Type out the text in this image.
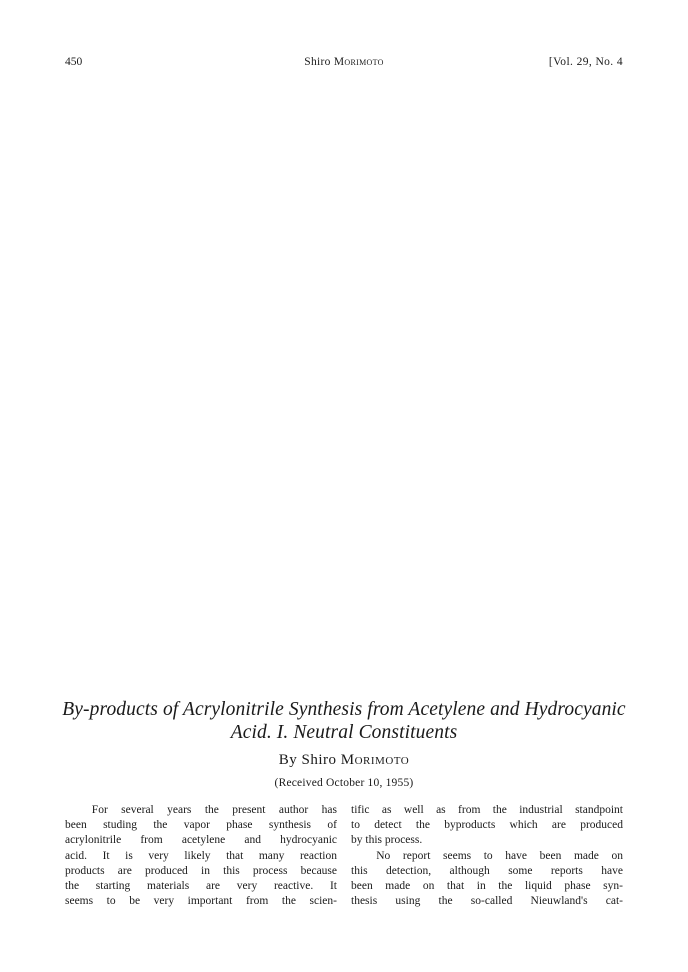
450	Shiro Morimoto	[Vol. 29, No. 4
By-products of Acrylonitrile Synthesis from Acetylene and Hydrocyanic
Acid. I. Neutral Constituents
By Shiro Morimoto
(Received October 10, 1955)
For several years the present author has
been studing the vapor phase synthesis of
acrylonitrile from acetylene and hydrocyanic
acid. It is very likely that many reaction
products are produced in this process because
the starting materials are very reactive. It
seems to be very important from the scien-
tific as well as from the industrial standpoint
to detect the byproducts which are produced
by this process.
No report seems to have been made on
this detection, although some reports have
been made on that in the liquid phase syn-
thesis using the so-called Nieuwland's cat-
